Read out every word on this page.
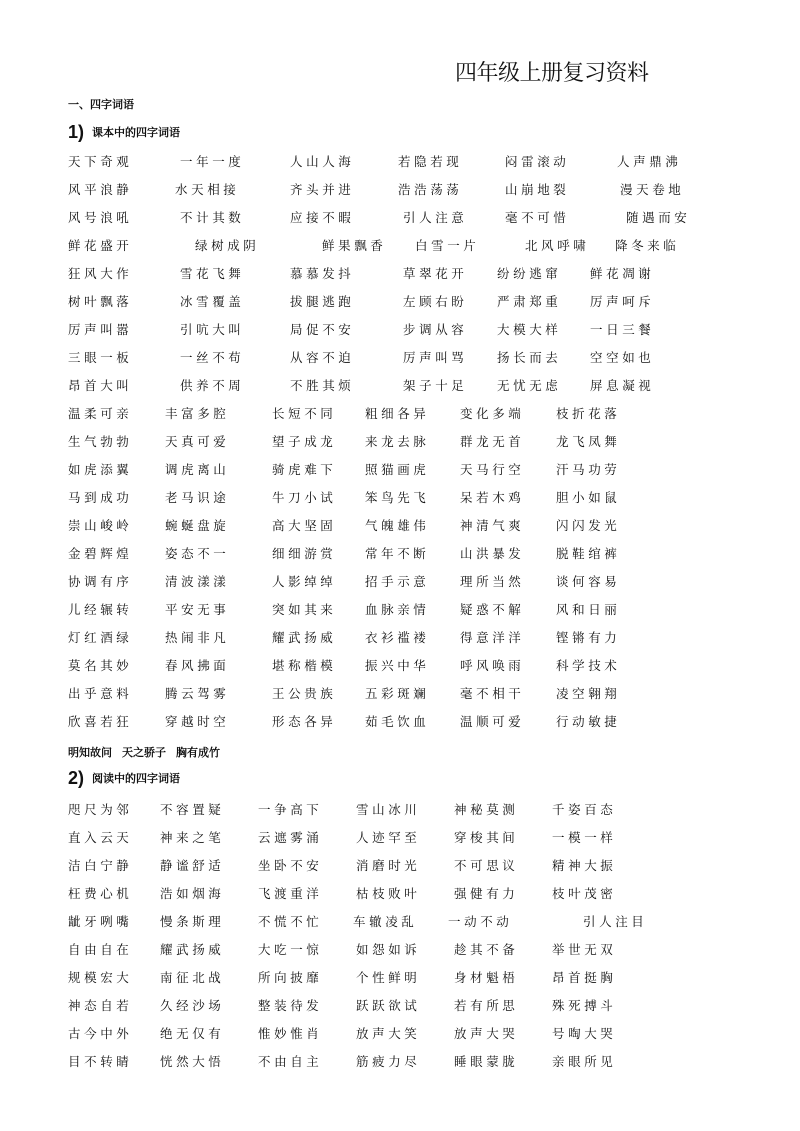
四年级上册复习资料
一、四字词语
1) 课本中的四字词语
天下奇观	一年一度	人山人海	若隐若现	闷雷滚动	人声鼎沸
风平浪静	水天相接	齐头并进	浩浩荡荡	山崩地裂	漫天卷地
风号浪吼	不计其数	应接不暇	引人注意	毫不可惜	随遇而安
鲜花盛开	绿树成阴	鲜果飘香 白雪一片	北风呼啸 降冬来临
狂风大作	雪花飞舞	慕慕发抖	草翠花开 纷纷逃窜 鲜花凋谢
树叶飘落	冰雪覆盖	拔腿逃跑	左顾右盼 严肃郑重 厉声呵斥
厉声叫嚣	引吭大叫	局促不安	步调从容 大模大样 一日三餐
三眼一板	一丝不苟	从容不迫	厉声叫骂 扬长而去 空空如也
昂首大叫	供养不周	不胜其烦	架子十足 无忧无虑 屏息凝视
温柔可亲	丰富多腔	长短不同 粗细各异 变化多端	枝折花落
生气勃勃	天真可爱	望子成龙 来龙去脉 群龙无首	龙飞凤舞
如虎添翼	调虎离山	骑虎难下 照猫画虎 天马行空	汗马功劳
马到成功	老马识途	牛刀小试 笨鸟先飞 呆若木鸡	胆小如鼠
崇山峻岭	蜿蜒盘旋	高大坚固 气魄雄伟 神清气爽	闪闪发光
金碧辉煌	姿态不一	细细游赏 常年不断 山洪暴发	脱鞋绾裤
协调有序	清波漾漾	人影绰绰 招手示意 理所当然	谈何容易
儿经辗转	平安无事	突如其来 血脉亲情 疑惑不解	风和日丽
灯红酒绿	热闹非凡	耀武扬威 衣衫褴褛 得意洋洋	铿锵有力
莫名其妙	春风拂面	堪称楷模 振兴中华 呼风唤雨	科学技术
出乎意料	腾云驾雾	王公贵族 五彩斑斓 毫不相干	凌空翱翔
欣喜若狂	穿越时空	形态各异 茹毛饮血 温顺可爱	行动敏捷
明知故问 天之骄子 胸有成竹
2) 阅读中的四字词语
咫尺为邻 不容置疑	一争高下	雪山冰川	神秘莫测	千姿百态
直入云天 神来之笔	云遮雾涌	人迹罕至	穿梭其间	一模一样
洁白宁静 静谧舒适	坐卧不安	消磨时光	不可思议	精神大振
枉费心机 浩如烟海	飞渡重洋	枯枝败叶	强健有力	枝叶茂密
龇牙咧嘴 慢条斯理	不慌不忙 车辙凌乱 一动不动	引人注目
自由自在 耀武扬威	大吃一惊	如怨如诉	趁其不备	举世无双
规模宏大 南征北战	所向披靡	个性鲜明	身材魁梧	昂首挺胸
神态自若 久经沙场	整装待发	跃跃欲试	若有所思	殊死搏斗
古今中外 绝无仅有	惟妙惟肖	放声大笑	放声大哭	号啕大哭
目不转睛 恍然大悟	不由自主	筋疲力尽	睡眼蒙胧	亲眼所见
